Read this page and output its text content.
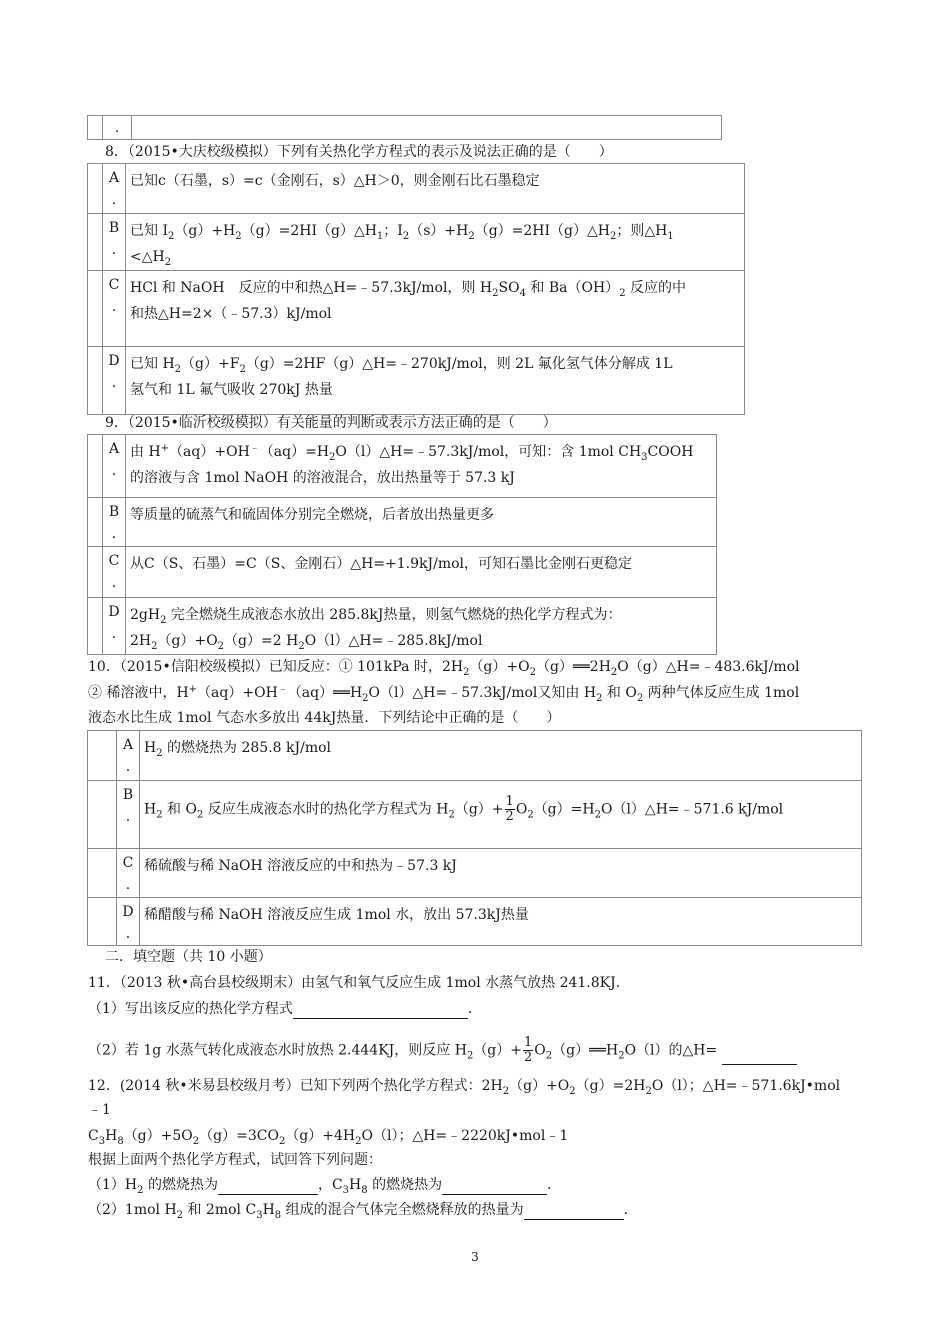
	.	
8．（2015•大庆校级模拟）下列有关热化学方程式的表示及说法正确的是（　　）
	A
.	已知c（石墨，s）=c（金刚石，s）△H＞0，则金刚石比石墨稳定
	B
.	已知 $I_2(g)+H_2(g)=2HI(g)\triangle H_1$；$I_2(s)+H_2(g)=2HI(g)\triangle H_2$；则$\triangle H_1$
$<\triangle H_2$
	C
.	HCl 和 NaOH　反应的中和热△H=﹣57.3kJ/mol，则 $H_2SO_4$ 和 $Ba(OH)_2$ 反应的中
和热△H=2×（﹣57.3）kJ/mol
	D
.	已知 $H_2(g)+F_2(g)=2HF(g)\triangle H=﹣270kJ$/mol，则 2L 氟化氢气体分解成 1L
氢气和 1L 氟气吸收 270kJ 热量
9．（2015•临沂校级模拟）有关能量的判断或表示方法正确的是（　　）
	A
.	由 $H^+(aq)+OH^﹣(aq)=H_2O(l)\triangle H=﹣57.3kJ$/mol，可知：含 1mol $CH_3COOH$
的溶液与含 1mol NaOH 的溶液混合，放出热量等于 57.3 kJ
	B
.	等质量的硫蒸气和硫固体分别完全燃烧，后者放出热量更多
	C
.	从C（S、石墨）=C（S、金刚石）△H=+1.9kJ/mol，可知石墨比金刚石更稳定
	D
.	$2gH_2$ 完全燃烧生成液态水放出 285.8kJ热量，则氢气燃烧的热化学方程式为：
$2H_2(g)+O_2(g)=2$ $H_2O(l)\triangle H=﹣285.8kJ$/mol
10．（2015•信阳校级模拟）已知反应：① 101kPa 时，$2H_2(g)+O_2(g)══2H_2O(g)\triangle H=﹣483.6kJ$/mol
② 稀溶液中，$H^+(aq)+OH^﹣(aq)══H_2O(l)\triangle H=﹣57.3kJ$/mol又知由 $H_2$ 和 $O_2$ 两种气体反应生成 1mol
液态水比生成 1mol 气态水多放出 44kJ热量．下列结论中正确的是（　　）
	A
.	$H_2$ 的燃烧热为 285.8 kJ/mol
	B
.	$H_2$ 和 $O_2$ 反应生成液态水时的热化学方程式为 $H_2(g)+ \frac{1}{2}$ $O_2(g)=H_2O(l)\triangle H=﹣571.6$ kJ/mol
	C
.	稀硫酸与稀 NaOH 溶液反应的中和热为﹣57.3 kJ
	D
.	稀醋酸与稀 NaOH 溶液反应生成 1mol 水，放出 57.3kJ热量
二．填空题（共 10 小题）
11．（2013 秋•高台县校级期末）由氢气和氧气反应生成 1mol 水蒸气放热 241.8KJ．
（1）写出该反应的热化学方程式	．
（2）若 1g 水蒸气转化成液态水时放热 2.444KJ，则反应 $H_2(g)+ \frac{1}{2}$ $O_2(g)══H_2O(l)$的△H=
12．(2014 秋•米易县校级月考）已知下列两个热化学方程式：$2H_2(g)+O_2(g)=2H_2O(l)$；△H=﹣571.6kJ•mol
﹣1
$C_3H_8(g)+5O_2(g)=3CO_2(g)+4H_2O(l)$；△H=﹣2220kJ•mol﹣1
根据上面两个热化学方程式，试回答下列问题：
$(1)H_2$ 的燃烧热为	，$C_3H_8$ 的燃烧热为	．
（2）1mol $H_2$ 和 2mol $C_3H_8$ 组成的混合气体完全燃烧释放的热量为	．
3
